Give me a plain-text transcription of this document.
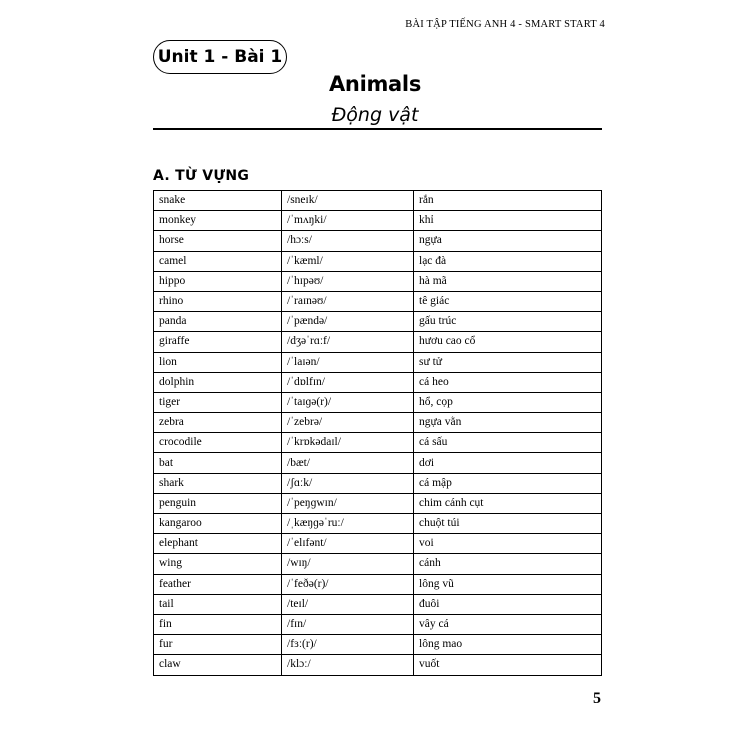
BÀI TẬP TIẾNG ANH 4 - SMART START 4
Unit 1 - Bài 1
Animals
Động vật
A. TỪ VỰNG
snake	/sneɪk/	rắn
monkey	/ˈmʌŋki/	khỉ
horse	/hɔːs/	ngựa
camel	/ˈkæml/	lạc đà
hippo	/ˈhɪpəʊ/	hà mã
rhino	/ˈraɪnəʊ/	tê giác
panda	/ˈpændə/	gấu trúc
giraffe	/dʒəˈrɑːf/	hươu cao cổ
lion	/ˈlaɪən/	sư tử
dolphin	/ˈdɒlfɪn/	cá heo
tiger	/ˈtaɪɡə(r)/	hổ, cọp
zebra	/ˈzebrə/	ngựa vằn
crocodile	/ˈkrɒkədaɪl/	cá sấu
bat	/bæt/	dơi
shark	/ʃɑːk/	cá mập
penguin	/ˈpeŋɡwɪn/	chim cánh cụt
kangaroo	/ˌkæŋɡəˈruː/	chuột túi
elephant	/ˈelɪfənt/	voi
wing	/wɪŋ/	cánh
feather	/ˈfeðə(r)/	lông vũ
tail	/teɪl/	đuôi
fin	/fɪn/	vây cá
fur	/fɜː(r)/	lông mao
claw	/klɔː/	vuốt
5
